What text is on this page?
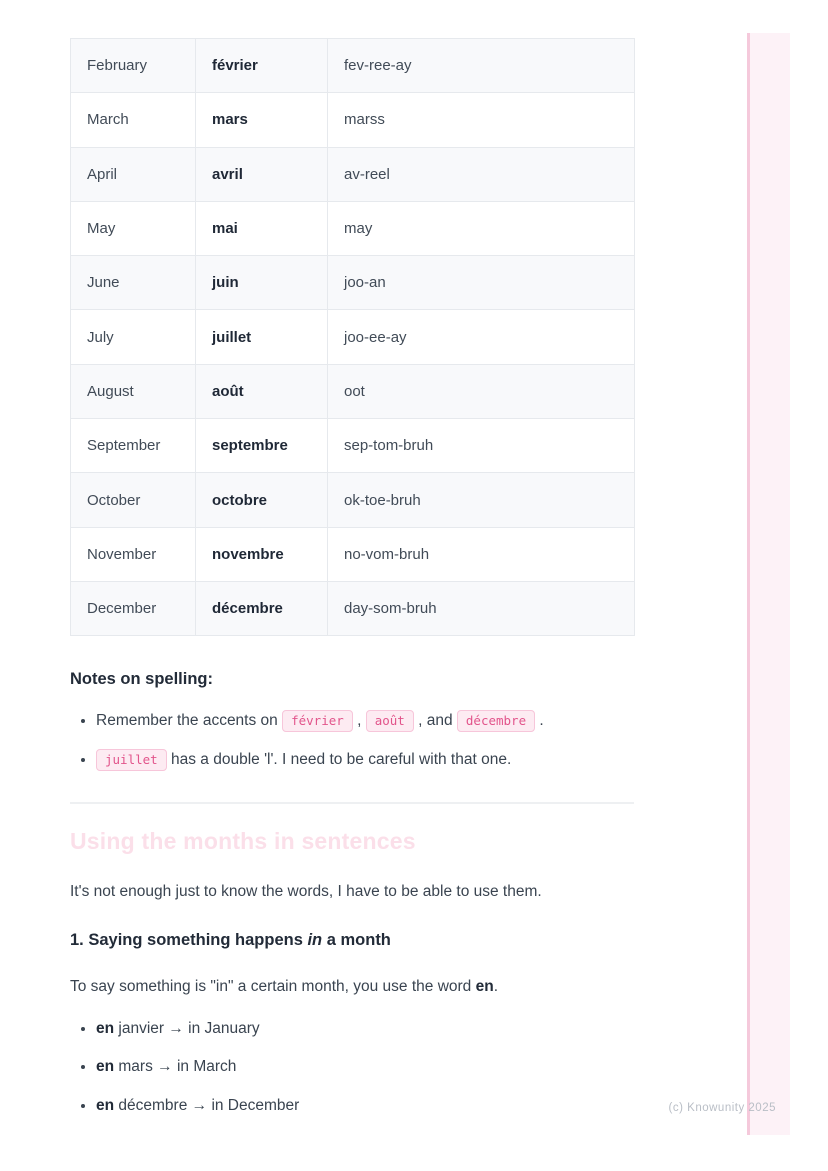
February	février	fev-ree-ay
March	mars	marss
April	avril	av-reel
May	mai	may
June	juin	joo-an
July	juillet	joo-ee-ay
August	août	oot
September	septembre	sep-tom-bruh
October	octobre	ok-toe-bruh
November	novembre	no-vom-bruh
December	décembre	day-som-bruh
Notes on spelling:
• Remember the accents on février , août , and décembre .
• juillet has a double 'l'. I need to be careful with that one.
Using the months in sentences

It's not enough just to know the words, I have to be able to use them.

1. Saying something happens in a month

To say something is "in" a certain month, you use the word en.

• en janvier → in January
• en mars → in March
• en décembre → in December	(c) Knowunity 2025
